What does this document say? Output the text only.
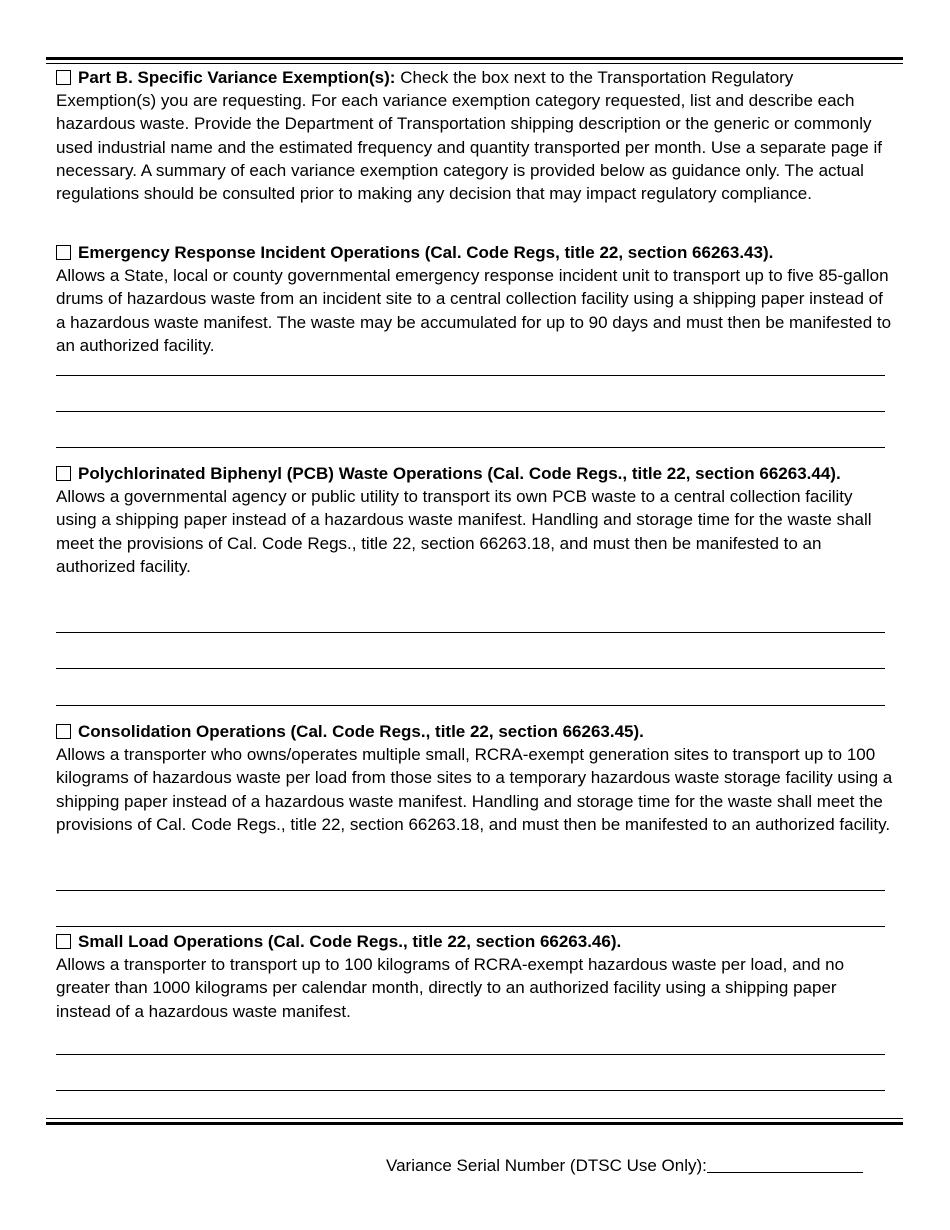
Part B. Specific Variance Exemption(s): Check the box next to the Transportation Regulatory Exemption(s) you are requesting. For each variance exemption category requested, list and describe each hazardous waste. Provide the Department of Transportation shipping description or the generic or commonly used industrial name and the estimated frequency and quantity transported per month. Use a separate page if necessary. A summary of each variance exemption category is provided below as guidance only. The actual regulations should be consulted prior to making any decision that may impact regulatory compliance.
Emergency Response Incident Operations (Cal. Code Regs, title 22, section 66263.43).
Allows a State, local or county governmental emergency response incident unit to transport up to five 85-gallon drums of hazardous waste from an incident site to a central collection facility using a shipping paper instead of a hazardous waste manifest. The waste may be accumulated for up to 90 days and must then be manifested to an authorized facility.
Polychlorinated Biphenyl (PCB) Waste Operations (Cal. Code Regs., title 22, section 66263.44).
Allows a governmental agency or public utility to transport its own PCB waste to a central collection facility using a shipping paper instead of a hazardous waste manifest. Handling and storage time for the waste shall meet the provisions of Cal. Code Regs., title 22, section 66263.18, and must then be manifested to an authorized facility.
Consolidation Operations (Cal. Code Regs., title 22, section 66263.45).
Allows a transporter who owns/operates multiple small, RCRA-exempt generation sites to transport up to 100 kilograms of hazardous waste per load from those sites to a temporary hazardous waste storage facility using a shipping paper instead of a hazardous waste manifest. Handling and storage time for the waste shall meet the provisions of Cal. Code Regs., title 22, section 66263.18, and must then be manifested to an authorized facility.
Small Load Operations (Cal. Code Regs., title 22, section 66263.46).
Allows a transporter to transport up to 100 kilograms of RCRA-exempt hazardous waste per load, and no greater than 1000 kilograms per calendar month, directly to an authorized facility using a shipping paper instead of a hazardous waste manifest.
Variance Serial Number (DTSC Use Only):
